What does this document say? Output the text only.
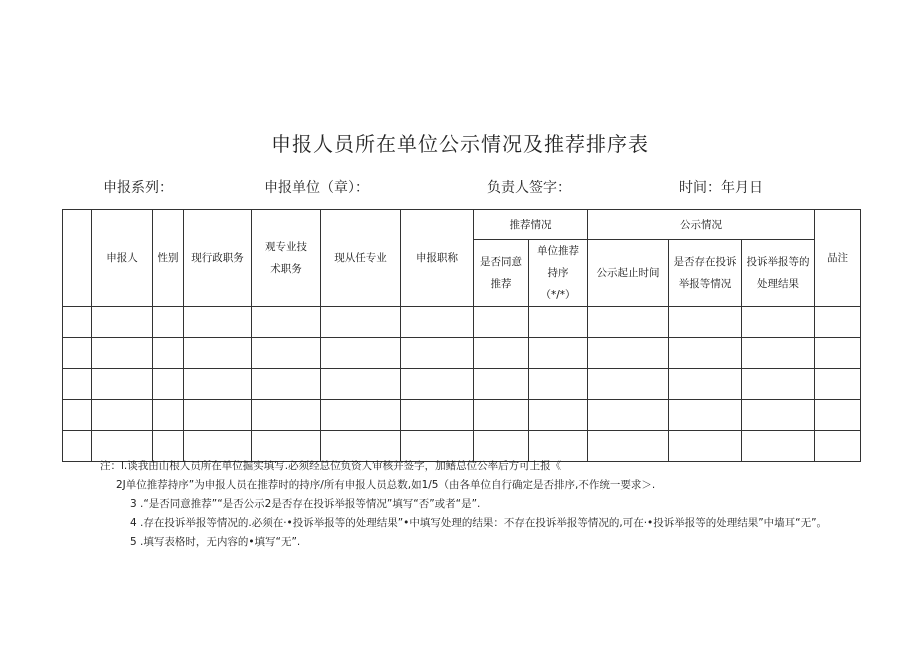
申报人员所在单位公示情况及推荐排序表
申报系列：	申报单位（章）：	负责人签字：	时间：年月日
	申报人	性别	现行政职务	观专业技术职务	现从任专业	申报职称	推荐情况		公示情况			品注
							是否同意推荐	单位推荐持序（*/*）	公示起止时间	是否存在投诉举报等情况	投诉举报等的处理结果	

注：l.谈我由山根人员所在单位掘实填写.必须经总位负资人审核并签字，加鳍总位公率后方可上报《
2J单位推荐持序”为申报人员在推荐时的持序/所有申报人员总数,如1/5（由各单位自行确定是否排序,不作统一要求＞.
3 .“是否同意推荐”“是否公示2是否存在投诉举报等情况”填写“否”或者“是”.
4 .存在投诉举报等情况的.必须在·•投诉举报等的处理结果”•中填写处理的结果：不存在投诉举报等情况的,可在·•投诉举报等的处理结果”中墙耳“无”。
5 .填写表格时，无内容的•填写“无”.
